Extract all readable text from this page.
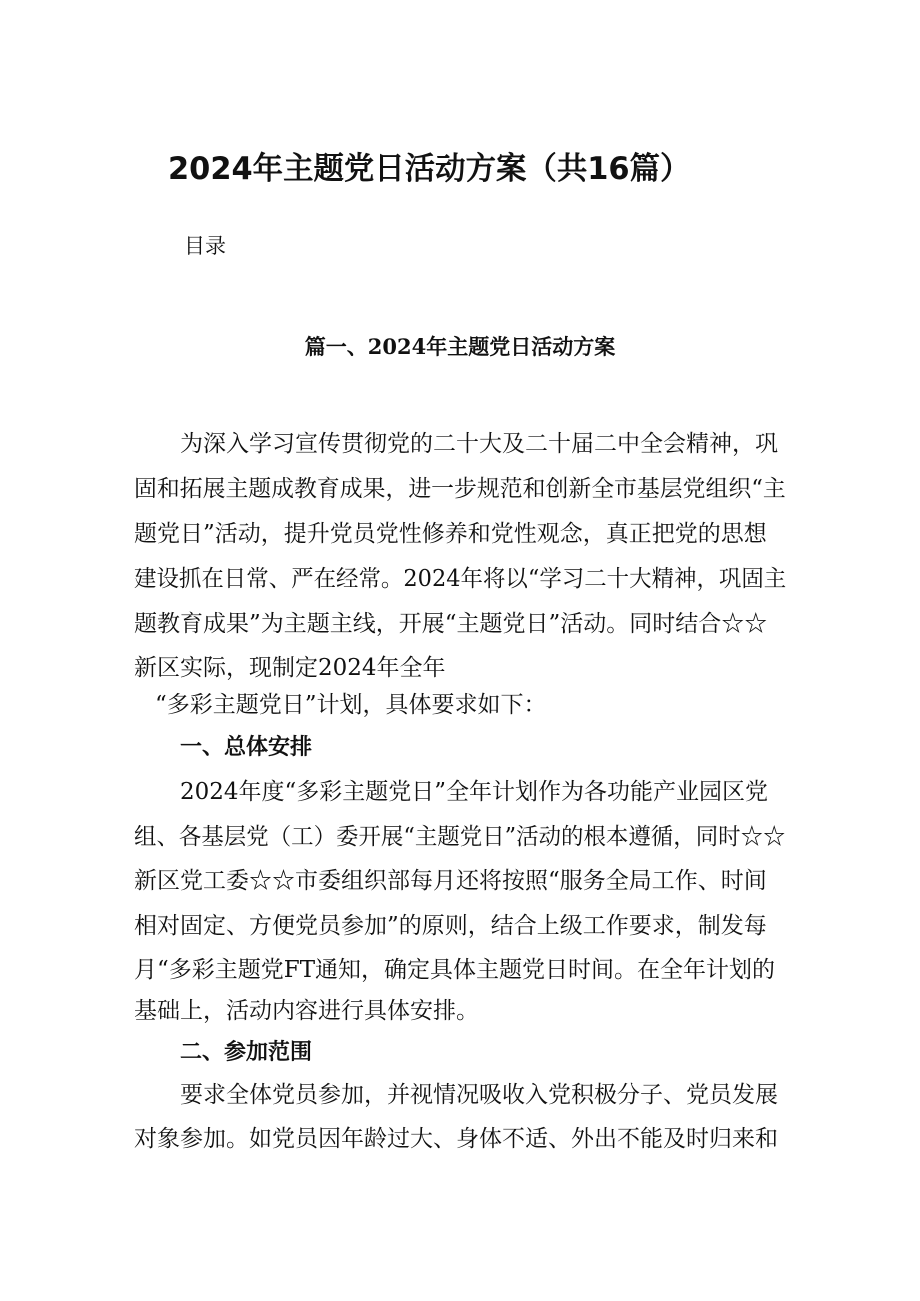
2024年主题党日活动方案（共16篇）
目录
篇一、2024年主题党日活动方案
为深入学习宣传贯彻党的二十大及二十届二中全会精神，巩
固和拓展主题成教育成果，进一步规范和创新全市基层党组织“主
题党日”活动，提升党员党性修养和党性观念，真正把党的思想
建设抓在日常、严在经常。2024年将以“学习二十大精神，巩固主
题教育成果”为主题主线，开展“主题党日”活动。同时结合☆☆
新区实际，现制定2024年全年
“多彩主题党日”计划，具体要求如下：
一、总体安排
2024年度“多彩主题党日”全年计划作为各功能产业园区党
组、各基层党（工）委开展“主题党日”活动的根本遵循，同时☆☆
新区党工委☆☆市委组织部每月还将按照“服务全局工作、时间
相对固定、方便党员参加”的原则，结合上级工作要求，制发每
月“多彩主题党FT通知，确定具体主题党日时间。在全年计划的
基础上，活动内容进行具体安排。
二、参加范围
要求全体党员参加，并视情况吸收入党积极分子、党员发展
对象参加。如党员因年龄过大、身体不适、外出不能及时归来和
